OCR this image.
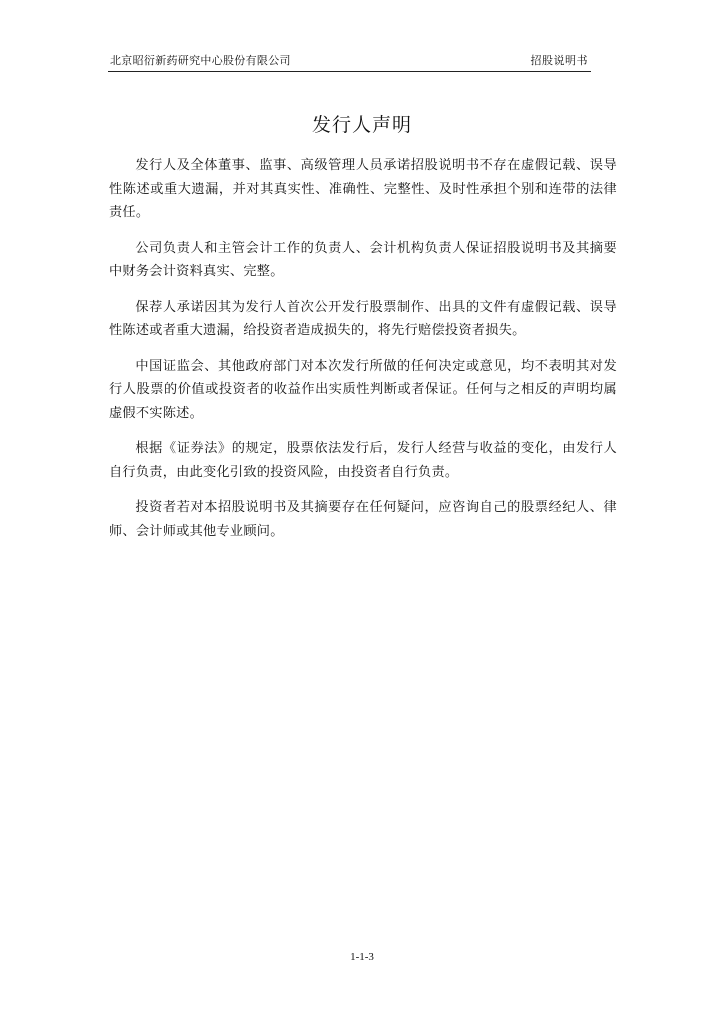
北京昭衍新药研究中心股份有限公司	招股说明书
发行人声明

发行人及全体董事、监事、高级管理人员承诺招股说明书不存在虚假记载、误导性陈述或重大遗漏，并对其真实性、准确性、完整性、及时性承担个别和连带的法律责任。

公司负责人和主管会计工作的负责人、会计机构负责人保证招股说明书及其摘要中财务会计资料真实、完整。

保荐人承诺因其为发行人首次公开发行股票制作、出具的文件有虚假记载、误导性陈述或者重大遗漏，给投资者造成损失的，将先行赔偿投资者损失。

中国证监会、其他政府部门对本次发行所做的任何决定或意见，均不表明其对发行人股票的价值或投资者的收益作出实质性判断或者保证。任何与之相反的声明均属虚假不实陈述。

根据《证券法》的规定，股票依法发行后，发行人经营与收益的变化，由发行人自行负责，由此变化引致的投资风险，由投资者自行负责。

投资者若对本招股说明书及其摘要存在任何疑问，应咨询自己的股票经纪人、律师、会计师或其他专业顾问。

1-1-3
